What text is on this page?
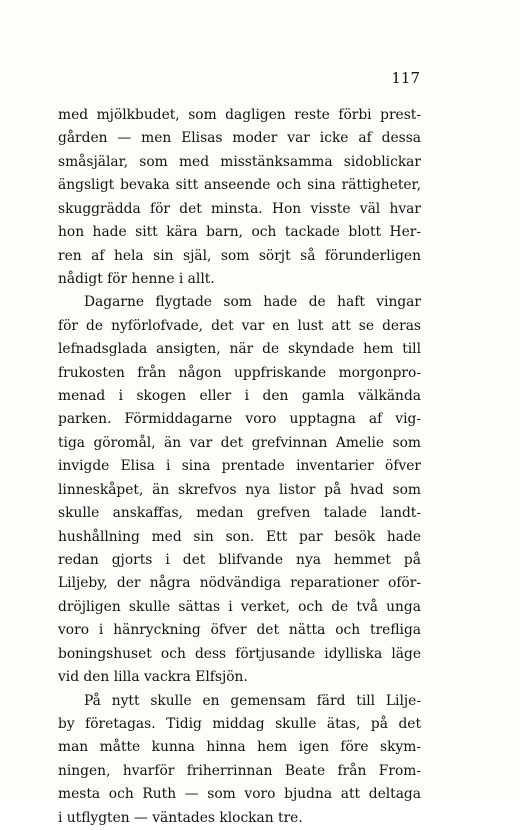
117
med mjölkbudet, som dagligen reste förbi prest-
gården — men Elisas moder var icke af dessa
småsjälar, som med misstänksamma sidoblickar
ängsligt bevaka sitt anseende och sina rättigheter,
skuggrädda för det minsta. Hon visste väl hvar
hon hade sitt kära barn, och tackade blott Her-
ren af hela sin själ, som sörjt så förunderligen
nådigt för henne i allt.
Dagarne flygtade som hade de haft vingar
för de nyförlofvade, det var en lust att se deras
lefnadsglada ansigten, när de skyndade hem till
frukosten från någon uppfriskande morgonpro-
menad i skogen eller i den gamla välkända
parken. Förmiddagarne voro upptagna af vig-
tiga göromål, än var det grefvinnan Amelie som
invigde Elisa i sina prentade inventarier öfver
linneskåpet, än skrefvos nya listor på hvad som
skulle anskaffas, medan grefven talade landt-
hushållning med sin son. Ett par besök hade
redan gjorts i det blifvande nya hemmet på
Liljeby, der några nödvändiga reparationer oför-
dröjligen skulle sättas i verket, och de två unga
voro i hänryckning öfver det nätta och trefliga
boningshuset och dess förtjusande idylliska läge
vid den lilla vackra Elfsjön.
På nytt skulle en gemensam färd till Lilje-
by företagas. Tidig middag skulle ätas, på det
man måtte kunna hinna hem igen före skym-
ningen, hvarför friherrinnan Beate från From-
mesta och Ruth — som voro bjudna att deltaga
i utflygten — väntades klockan tre.
